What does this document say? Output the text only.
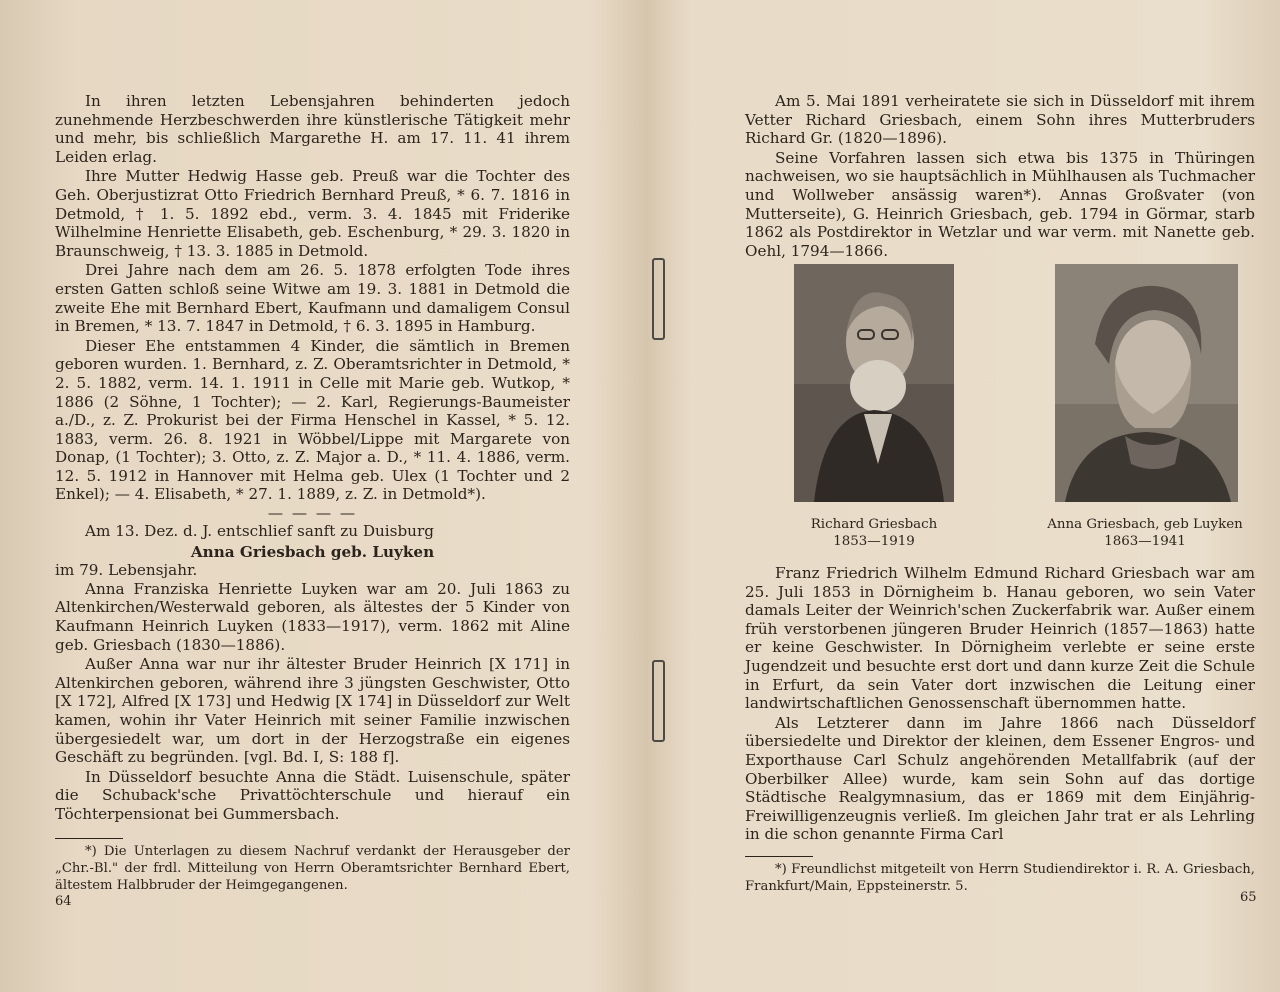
In ihren letzten Lebensjahren behinderten jedoch zunehmende Herzbeschwerden ihre künstlerische Tätigkeit mehr und mehr, bis schließlich Margarethe H. am 17. 11. 41 ihrem Leiden erlag.

Ihre Mutter Hedwig Hasse geb. Preuß war die Tochter des Geh. Oberjustizrat Otto Friedrich Bernhard Preuß, * 6. 7. 1816 in Detmold, † 1. 5. 1892 ebd., verm. 3. 4. 1845 mit Friderike Wilhelmine Henriette Elisabeth, geb. Eschenburg, * 29. 3. 1820 in Braunschweig, † 13. 3. 1885 in Detmold.

Drei Jahre nach dem am 26. 5. 1878 erfolgten Tode ihres ersten Gatten schloß seine Witwe am 19. 3. 1881 in Detmold die zweite Ehe mit Bernhard Ebert, Kaufmann und damaligem Consul in Bremen, * 13. 7. 1847 in Detmold, † 6. 3. 1895 in Hamburg.

Dieser Ehe entstammen 4 Kinder, die sämtlich in Bremen geboren wurden. 1. Bernhard, z. Z. Oberamtsrichter in Detmold, * 2. 5. 1882, verm. 14. 1. 1911 in Celle mit Marie geb. Wutkop, * 1886 (2 Söhne, 1 Tochter); — 2. Karl, Regierungs-Baumeister a./D., z. Z. Prokurist bei der Firma Henschel in Kassel, * 5. 12. 1883, verm. 26. 8. 1921 in Wöbbel/Lippe mit Margarete von Donap, (1 Tochter); 3. Otto, z. Z. Major a. D., * 11. 4. 1886, verm. 12. 5. 1912 in Hannover mit Helma geb. Ulex (1 Tochter und 2 Enkel); — 4. Elisabeth, * 27. 1. 1889, z. Z. in Detmold*).

— — — —

Am 13. Dez. d. J. entschlief sanft zu Duisburg

Anna Griesbach geb. Luyken

im 79. Lebensjahr.

Anna Franziska Henriette Luyken war am 20. Juli 1863 zu Altenkirchen/Westerwald geboren, als ältestes der 5 Kinder von Kaufmann Heinrich Luyken (1833—1917), verm. 1862 mit Aline geb. Griesbach (1830—1886).

Außer Anna war nur ihr ältester Bruder Heinrich [X 171] in Altenkirchen geboren, während ihre 3 jüngsten Geschwister, Otto [X 172], Alfred [X 173] und Hedwig [X 174] in Düsseldorf zur Welt kamen, wohin ihr Vater Heinrich mit seiner Familie inzwischen übergesiedelt war, um dort in der Herzogstraße ein eigenes Geschäft zu begründen. [vgl. Bd. I, S: 188 f].

In Düsseldorf besuchte Anna die Städt. Luisenschule, später die Schuback'sche Privattöchterschule und hierauf ein Töchterpensionat bei Gummersbach.

*) Die Unterlagen zu diesem Nachruf verdankt der Herausgeber der „Chr.-Bl." der frdl. Mitteilung von Herrn Oberamtsrichter Bernhard Ebert, ältestem Halbbruder der Heimgegangenen.

64

Am 5. Mai 1891 verheiratete sie sich in Düsseldorf mit ihrem Vetter Richard Griesbach, einem Sohn ihres Mutterbruders Richard Gr. (1820—1896).

Seine Vorfahren lassen sich etwa bis 1375 in Thüringen nachweisen, wo sie hauptsächlich in Mühlhausen als Tuchmacher und Wollweber ansässig waren*). Annas Großvater (von Mutterseite), G. Heinrich Griesbach, geb. 1794 in Görmar, starb 1862 als Postdirektor in Wetzlar und war verm. mit Nanette geb. Oehl, 1794—1866.

Richard Griesbach
1853—1919
Anna Griesbach, geb Luyken
1863—1941

Franz Friedrich Wilhelm Edmund Richard Griesbach war am 25. Juli 1853 in Dörnigheim b. Hanau geboren, wo sein Vater damals Leiter der Weinrich'schen Zuckerfabrik war. Außer einem früh verstorbenen jüngeren Bruder Heinrich (1857—1863) hatte er keine Geschwister. In Dörnigheim verlebte er seine erste Jugendzeit und besuchte erst dort und dann kurze Zeit die Schule in Erfurt, da sein Vater dort inzwischen die Leitung einer landwirtschaftlichen Genossenschaft übernommen hatte.

Als Letzterer dann im Jahre 1866 nach Düsseldorf übersiedelte und Direktor der kleinen, dem Essener Engros- und Exporthause Carl Schulz angehörenden Metallfabrik (auf der Oberbilker Allee) wurde, kam sein Sohn auf das dortige Städtische Realgymnasium, das er 1869 mit dem Einjährig-Freiwilligenzeugnis verließ. Im gleichen Jahr trat er als Lehrling in die schon genannte Firma Carl

*) Freundlichst mitgeteilt von Herrn Studiendirektor i. R. A. Griesbach, Frankfurt/Main, Eppsteinerstr. 5.

65
